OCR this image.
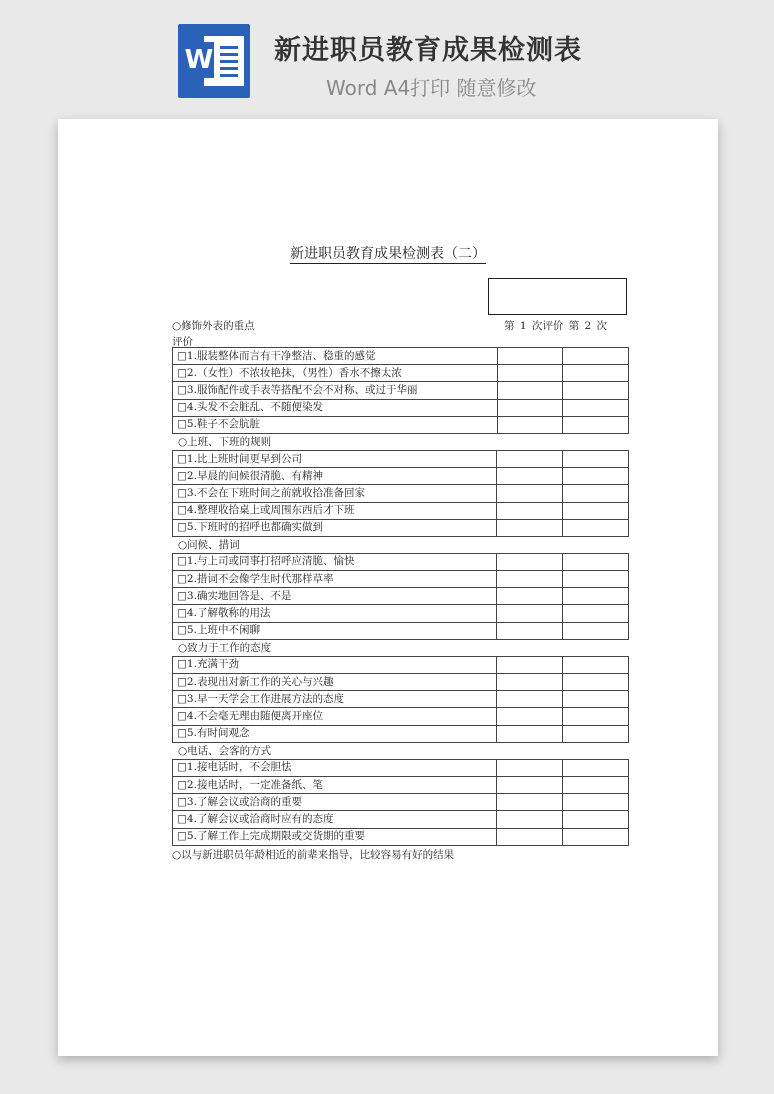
W 新进职员教育成果检测表
Word A4打印 随意修改
新进职员教育成果检测表（二）
○修饰外表的重点
评价
第 1 次评价 第 2 次
□1.服装整体而言有干净整洁、稳重的感觉		
□2.（女性）不浓妆艳抹，（男性）香水不擦太浓		
□3.服饰配件或手表等搭配不会不对称、或过于华丽		
□4.头发不会脏乱、不随便染发		
□5.鞋子不会肮脏		
○上班、下班的规则
□1.比上班时间更早到公司		
□2.早晨的问候很清脆、有精神		
□3.不会在下班时间之前就收拾准备回家		
□4.整理收拾桌上或周围东西后才下班		
□5.下班时的招呼也都确实做到		
○问候、措词
□1.与上司或同事打招呼应清脆、愉快		
□2.措词不会像学生时代那样草率		
□3.确实地回答是、不是		
□4.了解敬称的用法		
□5.上班中不闲聊		
○致力于工作的态度
□1.充满干劲		
□2.表现出对新工作的关心与兴趣		
□3.早一天学会工作进展方法的态度		
□4.不会毫无理由随便离开座位		
□5.有时间观念		
○电话、会客的方式
□1.接电话时，不会胆怯		
□2.接电话时，一定准备纸、笔		
□3.了解会议或洽商的重要		
□4.了解会议或洽商时应有的态度		
□5.了解工作上完成期限或交货期的重要		
○以与新进职员年龄相近的前辈来指导，比较容易有好的结果
